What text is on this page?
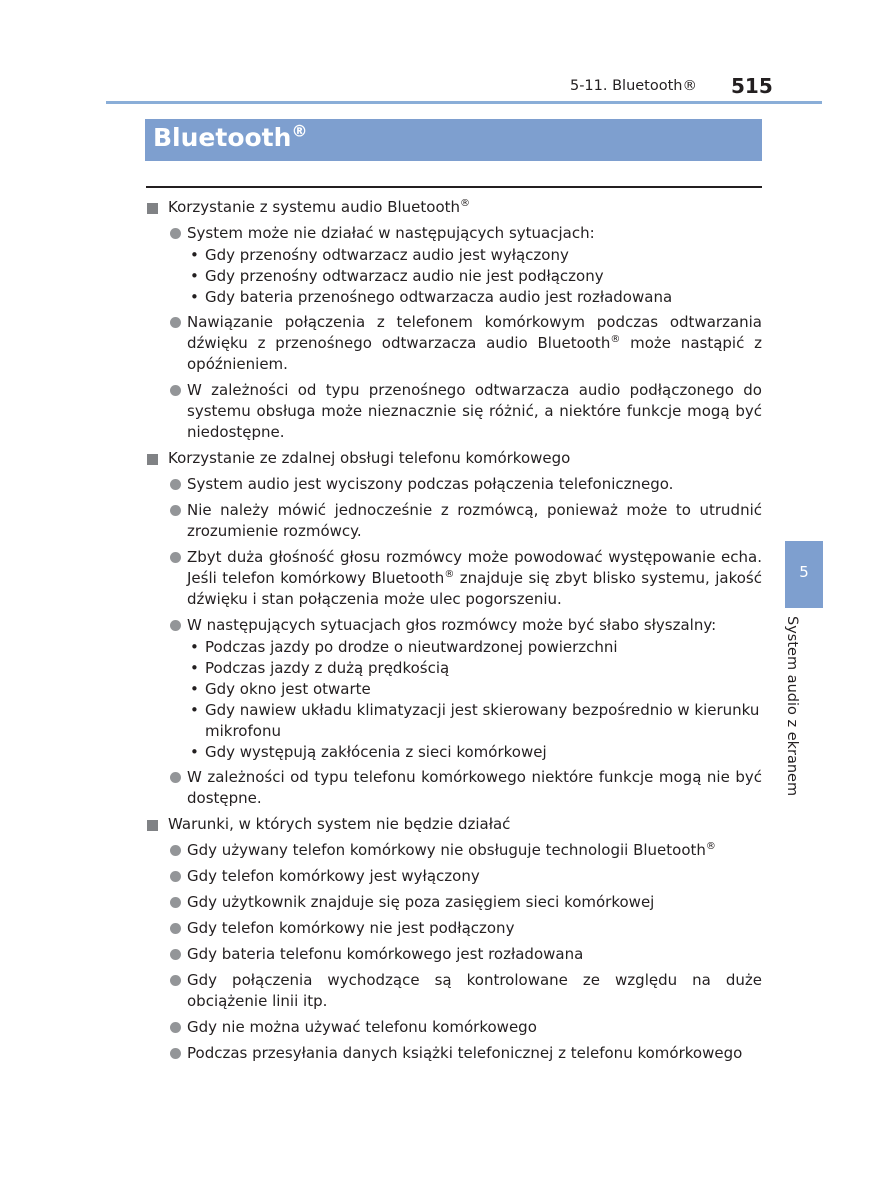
5-11. Bluetooth® 515
Bluetooth®
Korzystanie z systemu audio Bluetooth®
System może nie działać w następujących sytuacjach:
• Gdy przenośny odtwarzacz audio jest wyłączony
• Gdy przenośny odtwarzacz audio nie jest podłączony
• Gdy bateria przenośnego odtwarzacza audio jest rozładowana
Nawiązanie połączenia z telefonem komórkowym podczas odtwarzania dźwięku z przenośnego odtwarzacza audio Bluetooth® może nastąpić z opóźnieniem.
W zależności od typu przenośnego odtwarzacza audio podłączonego do systemu obsługa może nieznacznie się różnić, a niektóre funkcje mogą być niedostępne.
Korzystanie ze zdalnej obsługi telefonu komórkowego
System audio jest wyciszony podczas połączenia telefonicznego.
Nie należy mówić jednocześnie z rozmówcą, ponieważ może to utrudnić zrozumienie rozmówcy.
Zbyt duża głośność głosu rozmówcy może powodować występowanie echa. Jeśli telefon komórkowy Bluetooth® znajduje się zbyt blisko systemu, jakość dźwięku i stan połączenia może ulec pogorszeniu.
W następujących sytuacjach głos rozmówcy może być słabo słyszalny:
• Podczas jazdy po drodze o nieutwardzonej powierzchni
• Podczas jazdy z dużą prędkością
• Gdy okno jest otwarte
• Gdy nawiew układu klimatyzacji jest skierowany bezpośrednio w kierunku mikrofonu
• Gdy występują zakłócenia z sieci komórkowej
W zależności od typu telefonu komórkowego niektóre funkcje mogą nie być dostępne.
Warunki, w których system nie będzie działać
Gdy używany telefon komórkowy nie obsługuje technologii Bluetooth®
Gdy telefon komórkowy jest wyłączony
Gdy użytkownik znajduje się poza zasięgiem sieci komórkowej
Gdy telefon komórkowy nie jest podłączony
Gdy bateria telefonu komórkowego jest rozładowana
Gdy połączenia wychodzące są kontrolowane ze względu na duże obciążenie linii itp.
Gdy nie można używać telefonu komórkowego
Podczas przesyłania danych książki telefonicznej z telefonu komórkowego
5
System audio z ekranem
